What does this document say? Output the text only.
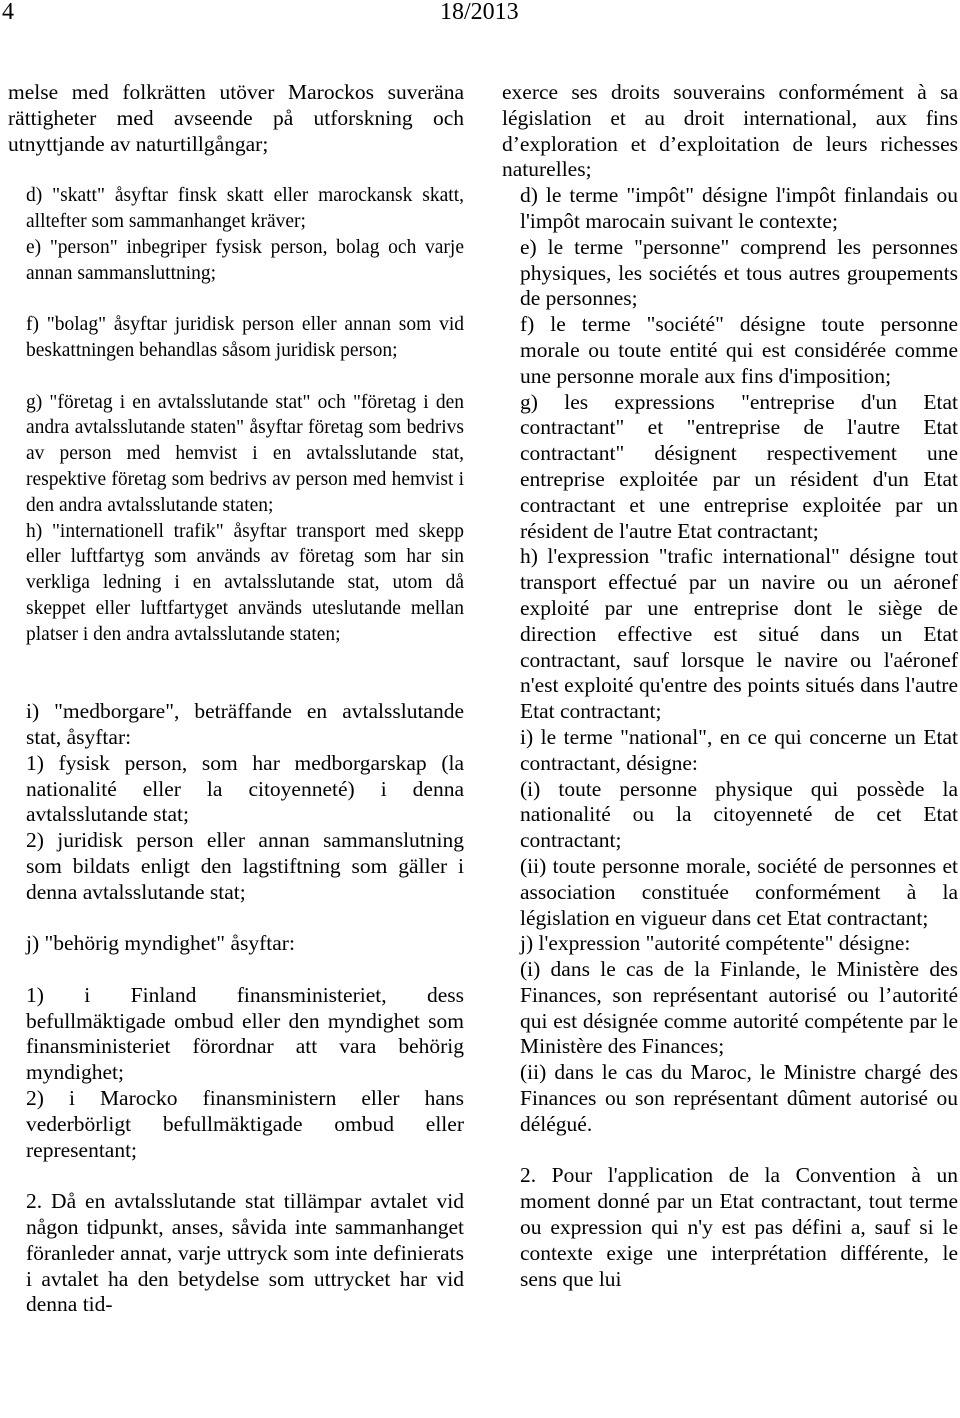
4	18/2013

melse med folkrätten utöver Marockos suveräna rättigheter med avseende på utforskning och utnyttjande av naturtillgångar;

d) "skatt" åsyftar finsk skatt eller marockansk skatt, alltefter som sammanhanget kräver;

e) "person" inbegriper fysisk person, bolag och varje annan sammansluttning;

f) "bolag" åsyftar juridisk person eller annan som vid beskattningen behandlas såsom juridisk person;

g) "företag i en avtalsslutande stat" och "företag i den andra avtalsslutande staten" åsyftar företag som bedrivs av person med hemvist i en avtalsslutande stat, respektive företag som bedrivs av person med hemvist i den andra avtalsslutande staten;

h) "internationell trafik" åsyftar transport med skepp eller luftfartyg som används av företag som har sin verkliga ledning i en avtalsslutande stat, utom då skeppet eller luftfartyget används uteslutande mellan platser i den andra avtalsslutande staten;

i) "medborgare", beträffande en avtalsslutande stat, åsyftar:

1) fysisk person, som har medborgarskap (la nationalité eller la citoyenneté) i denna avtalsslutande stat;

2) juridisk person eller annan sammanslutning som bildats enligt den lagstiftning som gäller i denna avtalsslutande stat;

j) "behörig myndighet" åsyftar:

1) i Finland finansministeriet, dess befullmäktigade ombud eller den myndighet som finansministeriet förordnar att vara behörig myndighet;

2) i Marocko finansministern eller hans vederbörligt befullmäktigade ombud eller representant;

2. Då en avtalsslutande stat tillämpar avtalet vid någon tidpunkt, anses, såvida inte sammanhanget föranleder annat, varje uttryck som inte definierats i avtalet ha den betydelse som uttrycket har vid denna tid-

exerce ses droits souverains conformément à sa législation et au droit international, aux fins d’exploration et d’exploitation de leurs richesses naturelles;

d) le terme "impôt" désigne l'impôt finlandais ou l'impôt marocain suivant le contexte;

e) le terme "personne" comprend les personnes physiques, les sociétés et tous autres groupements de personnes;

f) le terme "société" désigne toute personne morale ou toute entité qui est considérée comme une personne morale aux fins d'imposition;

g) les expressions "entreprise d'un Etat contractant" et "entreprise de l'autre Etat contractant" désignent respectivement une entreprise exploitée par un résident d'un Etat contractant et une entreprise exploitée par un résident de l'autre Etat contractant;

h) l'expression "trafic international" désigne tout transport effectué par un navire ou un aéronef exploité par une entreprise dont le siège de direction effective est situé dans un Etat contractant, sauf lorsque le navire ou l'aéronef n'est exploité qu'entre des points situés dans l'autre Etat contractant;

i) le terme "national", en ce qui concerne un Etat contractant, désigne:

(i) toute personne physique qui possède la nationalité ou la citoyenneté de cet Etat contractant;

(ii) toute personne morale, société de personnes et association constituée conformément à la législation en vigueur dans cet Etat contractant;

j) l'expression "autorité compétente" désigne:

(i) dans le cas de la Finlande, le Ministère des Finances, son représentant autorisé ou l’autorité qui est désignée comme autorité compétente par le Ministère des Finances;

(ii) dans le cas du Maroc, le Ministre chargé des Finances ou son représentant dûment autorisé ou délégué.

2. Pour l'application de la Convention à un moment donné par un Etat contractant, tout terme ou expression qui n'y est pas défini a, sauf si le contexte exige une interprétation différente, le sens que lui
